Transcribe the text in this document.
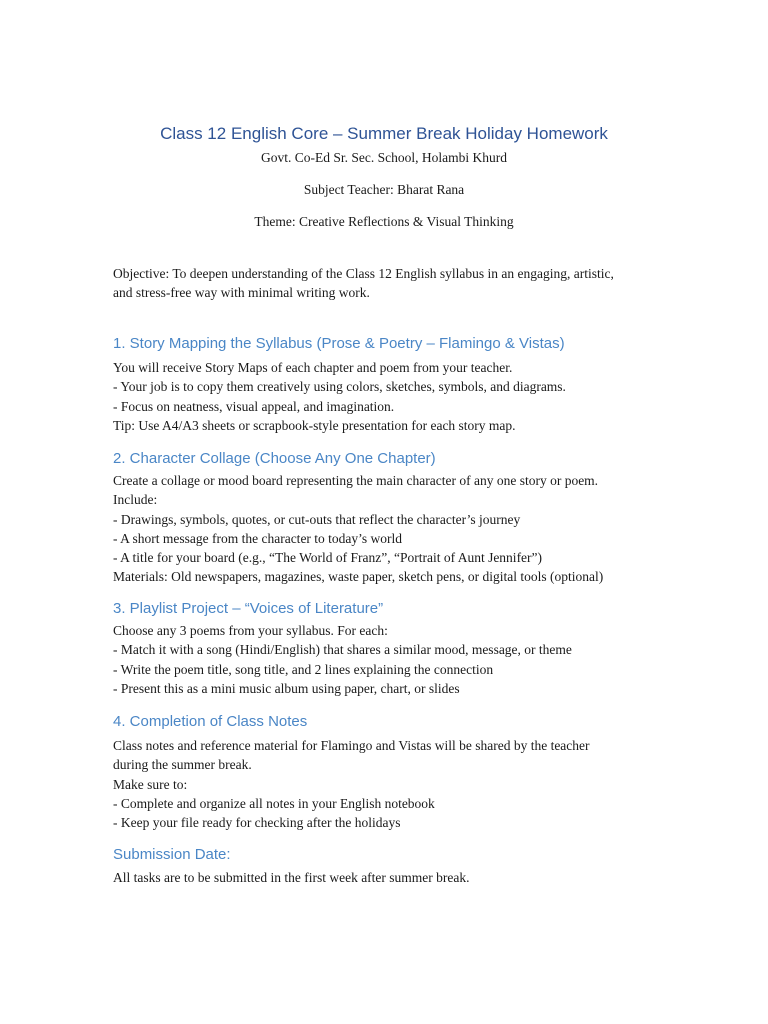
Class 12 English Core – Summer Break Holiday Homework
Govt. Co-Ed Sr. Sec. School, Holambi Khurd
Subject Teacher: Bharat Rana
Theme: Creative Reflections & Visual Thinking
Objective: To deepen understanding of the Class 12 English syllabus in an engaging, artistic,
and stress-free way with minimal writing work.
1. Story Mapping the Syllabus (Prose & Poetry – Flamingo & Vistas)
You will receive Story Maps of each chapter and poem from your teacher.
- Your job is to copy them creatively using colors, sketches, symbols, and diagrams.
- Focus on neatness, visual appeal, and imagination.
Tip: Use A4/A3 sheets or scrapbook-style presentation for each story map.
2. Character Collage (Choose Any One Chapter)
Create a collage or mood board representing the main character of any one story or poem.
Include:
- Drawings, symbols, quotes, or cut-outs that reflect the character’s journey
- A short message from the character to today’s world
- A title for your board (e.g., “The World of Franz”, “Portrait of Aunt Jennifer”)
Materials: Old newspapers, magazines, waste paper, sketch pens, or digital tools (optional)
3. Playlist Project – “Voices of Literature”
Choose any 3 poems from your syllabus. For each:
- Match it with a song (Hindi/English) that shares a similar mood, message, or theme
- Write the poem title, song title, and 2 lines explaining the connection
- Present this as a mini music album using paper, chart, or slides
4. Completion of Class Notes
Class notes and reference material for Flamingo and Vistas will be shared by the teacher
during the summer break.
Make sure to:
- Complete and organize all notes in your English notebook
- Keep your file ready for checking after the holidays
Submission Date:
All tasks are to be submitted in the first week after summer break.
